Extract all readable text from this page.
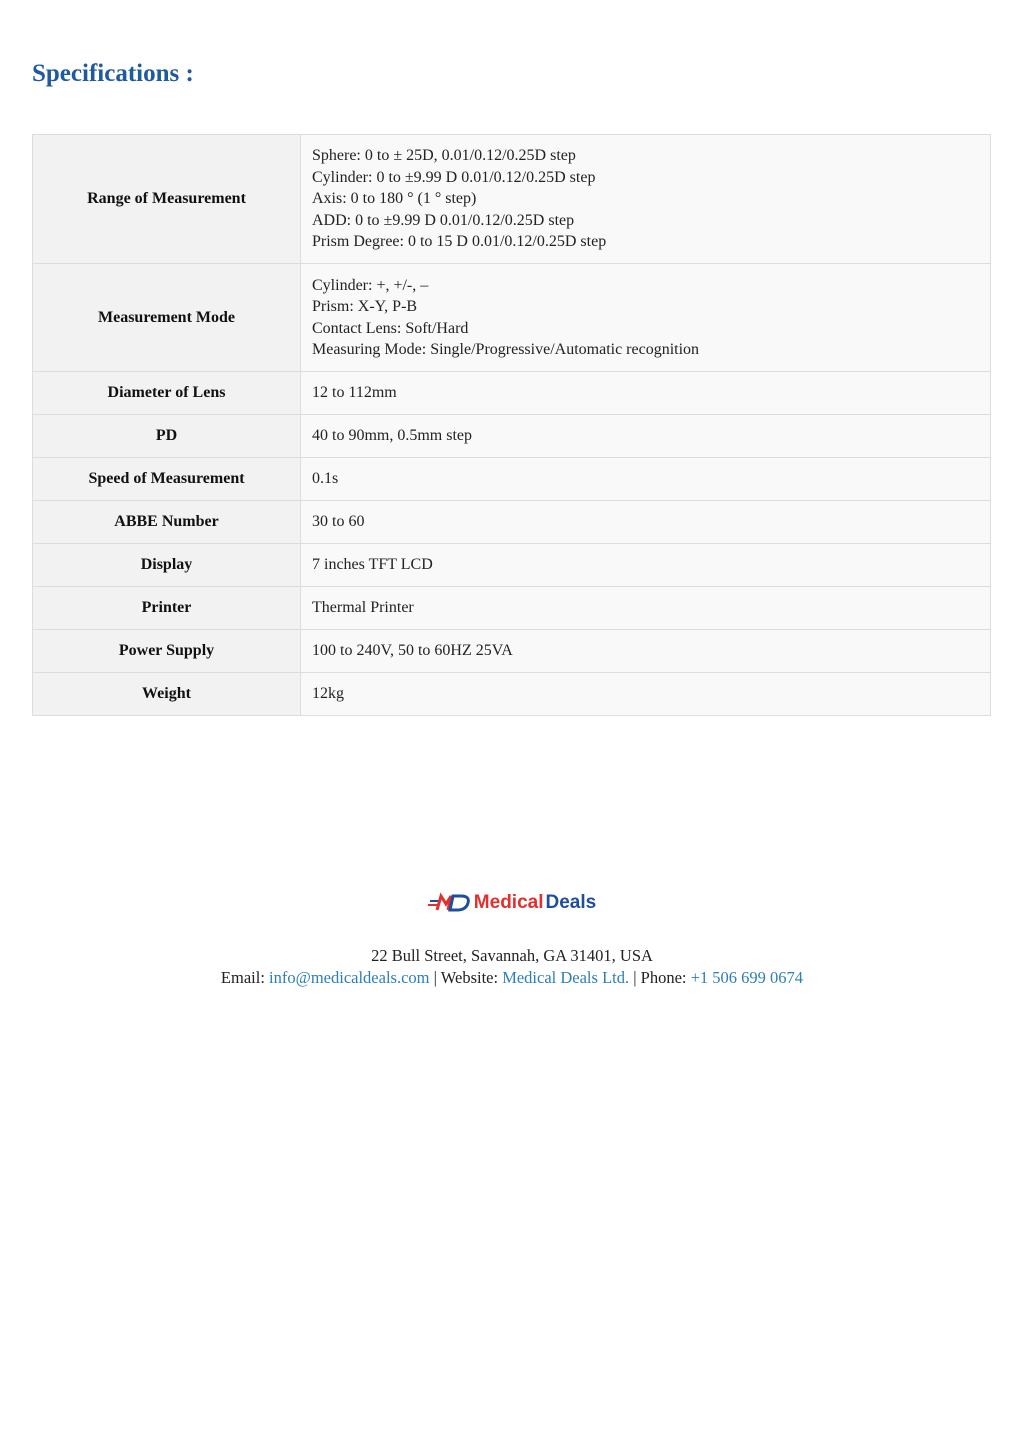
Specifications :
Range of Measurement	Sphere: 0 to ± 25D, 0.01/0.12/0.25D step
Cylinder: 0 to ±9.99 D 0.01/0.12/0.25D step
Axis: 0 to 180 ° (1 ° step)
ADD: 0 to ±9.99 D 0.01/0.12/0.25D step
Prism Degree: 0 to 15 D 0.01/0.12/0.25D step

Measurement Mode	Cylinder: +, +/-, –
Prism: X-Y, P-B
Contact Lens: Soft/Hard
Measuring Mode: Single/Progressive/Automatic recognition

Diameter of Lens	12 to 112mm
PD	40 to 90mm, 0.5mm step
Speed of Measurement	0.1s
ABBE Number	30 to 60
Display	7 inches TFT LCD
Printer	Thermal Printer
Power Supply	100 to 240V, 50 to 60HZ 25VA
Weight	12kg
Medical Deals
22 Bull Street, Savannah, GA 31401, USA
Email: info@medicaldeals.com | Website: Medical Deals Ltd. | Phone: +1 506 699 0674
